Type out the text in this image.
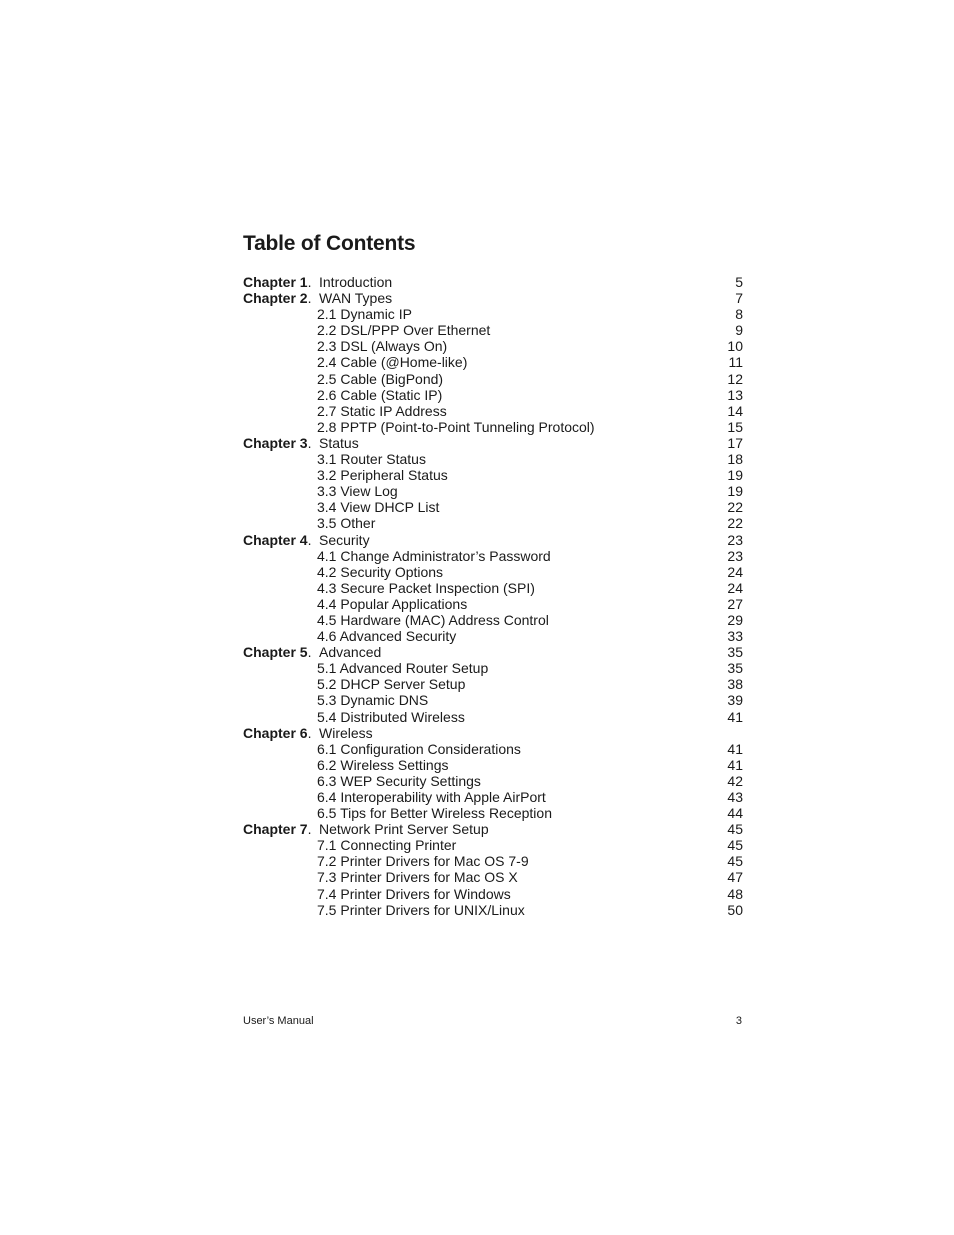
Table of Contents
Chapter 1. Introduction	5
Chapter 2. WAN Types	7
2.1 Dynamic IP	8
2.2 DSL/PPP Over Ethernet	9
2.3 DSL (Always On)	10
2.4 Cable (@Home-like)	11
2.5 Cable (BigPond)	12
2.6 Cable (Static IP)	13
2.7 Static IP Address	14
2.8 PPTP (Point-to-Point Tunneling Protocol)	15
Chapter 3. Status	17
3.1 Router Status	18
3.2 Peripheral Status	19
3.3 View Log	19
3.4 View DHCP List	22
3.5 Other	22
Chapter 4. Security	23
4.1 Change Administrator’s Password	23
4.2 Security Options	24
4.3 Secure Packet Inspection (SPI)	24
4.4 Popular Applications	27
4.5 Hardware (MAC) Address Control	29
4.6 Advanced Security	33
Chapter 5. Advanced	35
5.1 Advanced Router Setup	35
5.2 DHCP Server Setup	38
5.3 Dynamic DNS	39
5.4 Distributed Wireless	41
Chapter 6. Wireless
6.1 Configuration Considerations	41
6.2 Wireless Settings	41
6.3 WEP Security Settings	42
6.4 Interoperability with Apple AirPort	43
6.5 Tips for Better Wireless Reception	44
Chapter 7. Network Print Server Setup	45
7.1 Connecting Printer	45
7.2 Printer Drivers for Mac OS 7-9	45
7.3 Printer Drivers for Mac OS X	47
7.4 Printer Drivers for Windows	48
7.5 Printer Drivers for UNIX/Linux	50
User’s Manual	3
